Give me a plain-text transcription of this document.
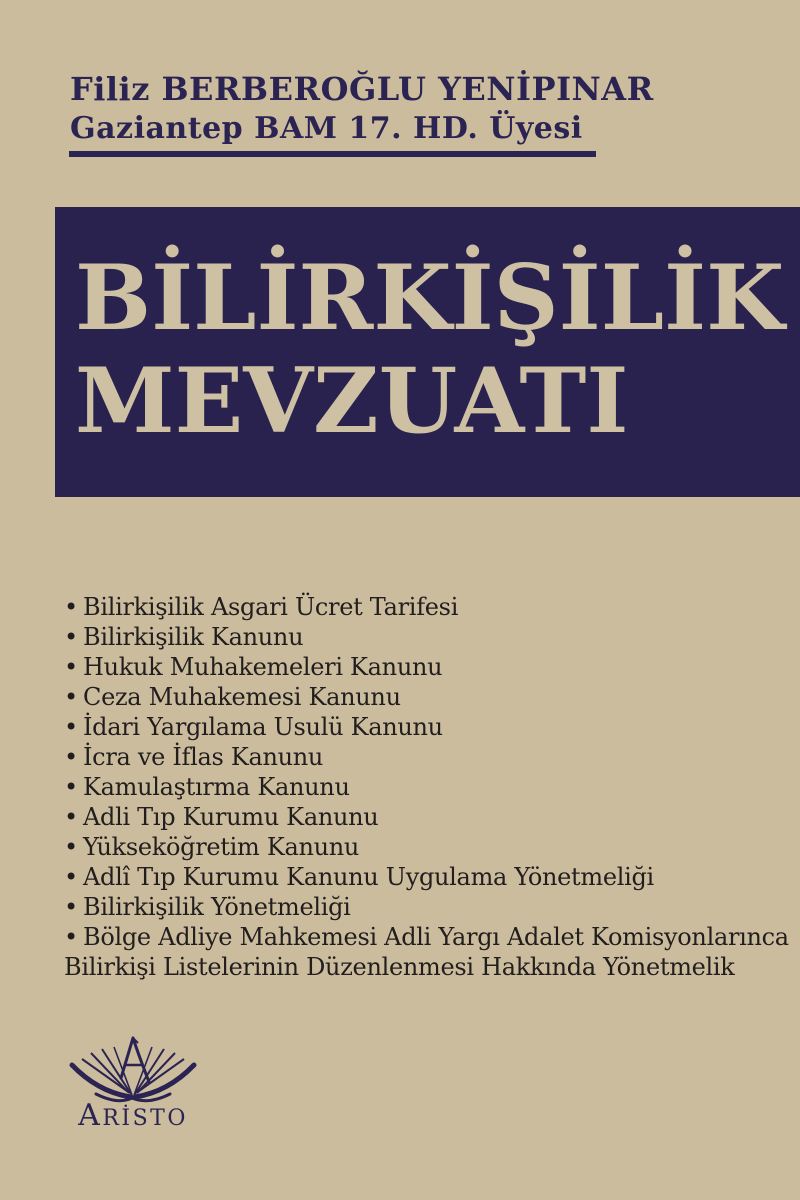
Filiz BERBEROĞLU YENİPINAR
Gaziantep BAM 17. HD. Üyesi
BİLİRKİŞİLİK
MEVZUATI
• Bilirkişilik Asgari Ücret Tarifesi
• Bilirkişilik Kanunu
• Hukuk Muhakemeleri Kanunu
• Ceza Muhakemesi Kanunu
• İdari Yargılama Usulü Kanunu
• İcra ve İflas Kanunu
• Kamulaştırma Kanunu
• Adli Tıp Kurumu Kanunu
• Yükseköğretim Kanunu
• Adlî Tıp Kurumu Kanunu Uygulama Yönetmeliği
• Bilirkişilik Yönetmeliği
• Bölge Adliye Mahkemesi Adli Yargı Adalet Komisyonlarınca
Bilirkişi Listelerinin Düzenlenmesi Hakkında Yönetmelik
ARİSTO
